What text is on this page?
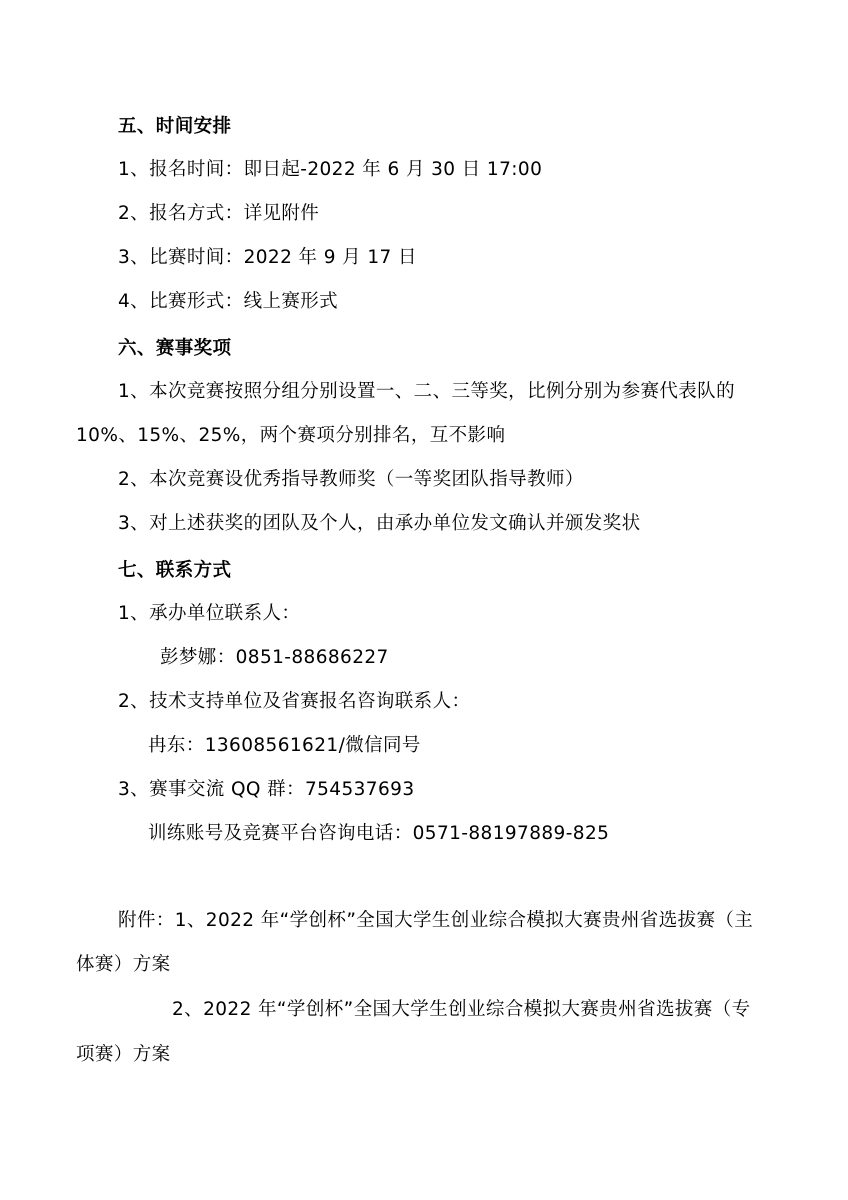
五、时间安排
1、报名时间：即日起-2022 年 6 月 30 日 17:00
2、报名方式：详见附件
3、比赛时间：2022 年 9 月 17 日
4、比赛形式：线上赛形式
六、赛事奖项
1、本次竞赛按照分组分别设置一、二、三等奖，比例分别为参赛代表队的
10%、15%、25%，两个赛项分别排名，互不影响
2、本次竞赛设优秀指导教师奖（一等奖团队指导教师）
3、对上述获奖的团队及个人，由承办单位发文确认并颁发奖状
七、联系方式
1、承办单位联系人：
彭梦娜：0851-88686227
2、技术支持单位及省赛报名咨询联系人：
冉东：13608561621/微信同号
3、赛事交流 QQ 群：754537693
训练账号及竞赛平台咨询电话：0571-88197889-825
附件：1、2022 年“学创杯”全国大学生创业综合模拟大赛贵州省选拔赛（主
体赛）方案
2、2022 年“学创杯”全国大学生创业综合模拟大赛贵州省选拔赛（专
项赛）方案
